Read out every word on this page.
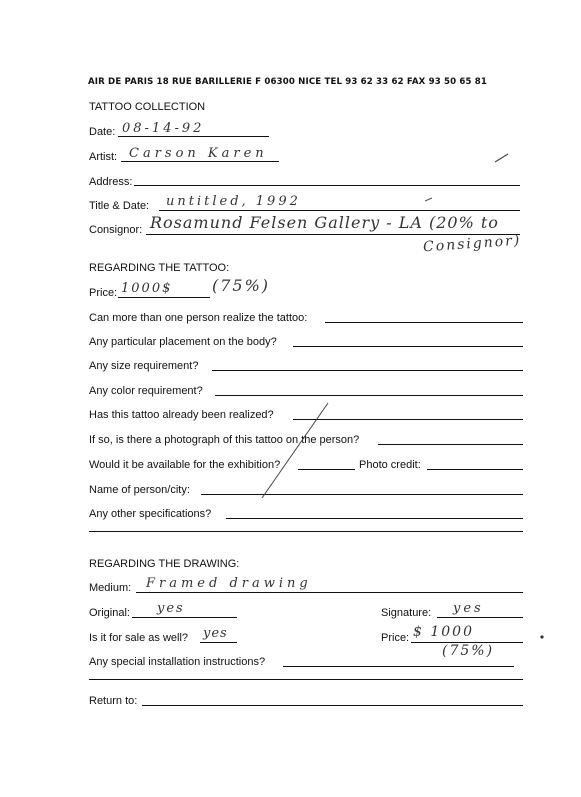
AIR DE PARIS 18 RUE BARILLERIE F 06300 NICE TEL 93 62 33 62 FAX 93 50 65 81
TATTOO COLLECTION
Date: 08-14-92
Artist: Carson Karen
Address:
Title & Date: untitled, 1992
Consignor: Rosamund Felsen Gallery - LA (20% to
Consignor)
REGARDING THE TATTOO:
Price: 1000$ (75%)
Can more than one person realize the tattoo:
Any particular placement on the body?
Any size requirement?
Any color requirement?
Has this tattoo already been realized?
If so, is there a photograph of this tattoo on the person?
Would it be available for the exhibition?	Photo credit:
Name of person/city:
Any other specifications?
REGARDING THE DRAWING:
Medium: Framed drawing
Original: yes	Signature: yes
Is it for sale as well? yes	Price: $ 1000
(75%)
Any special installation instructions?
Return to:
